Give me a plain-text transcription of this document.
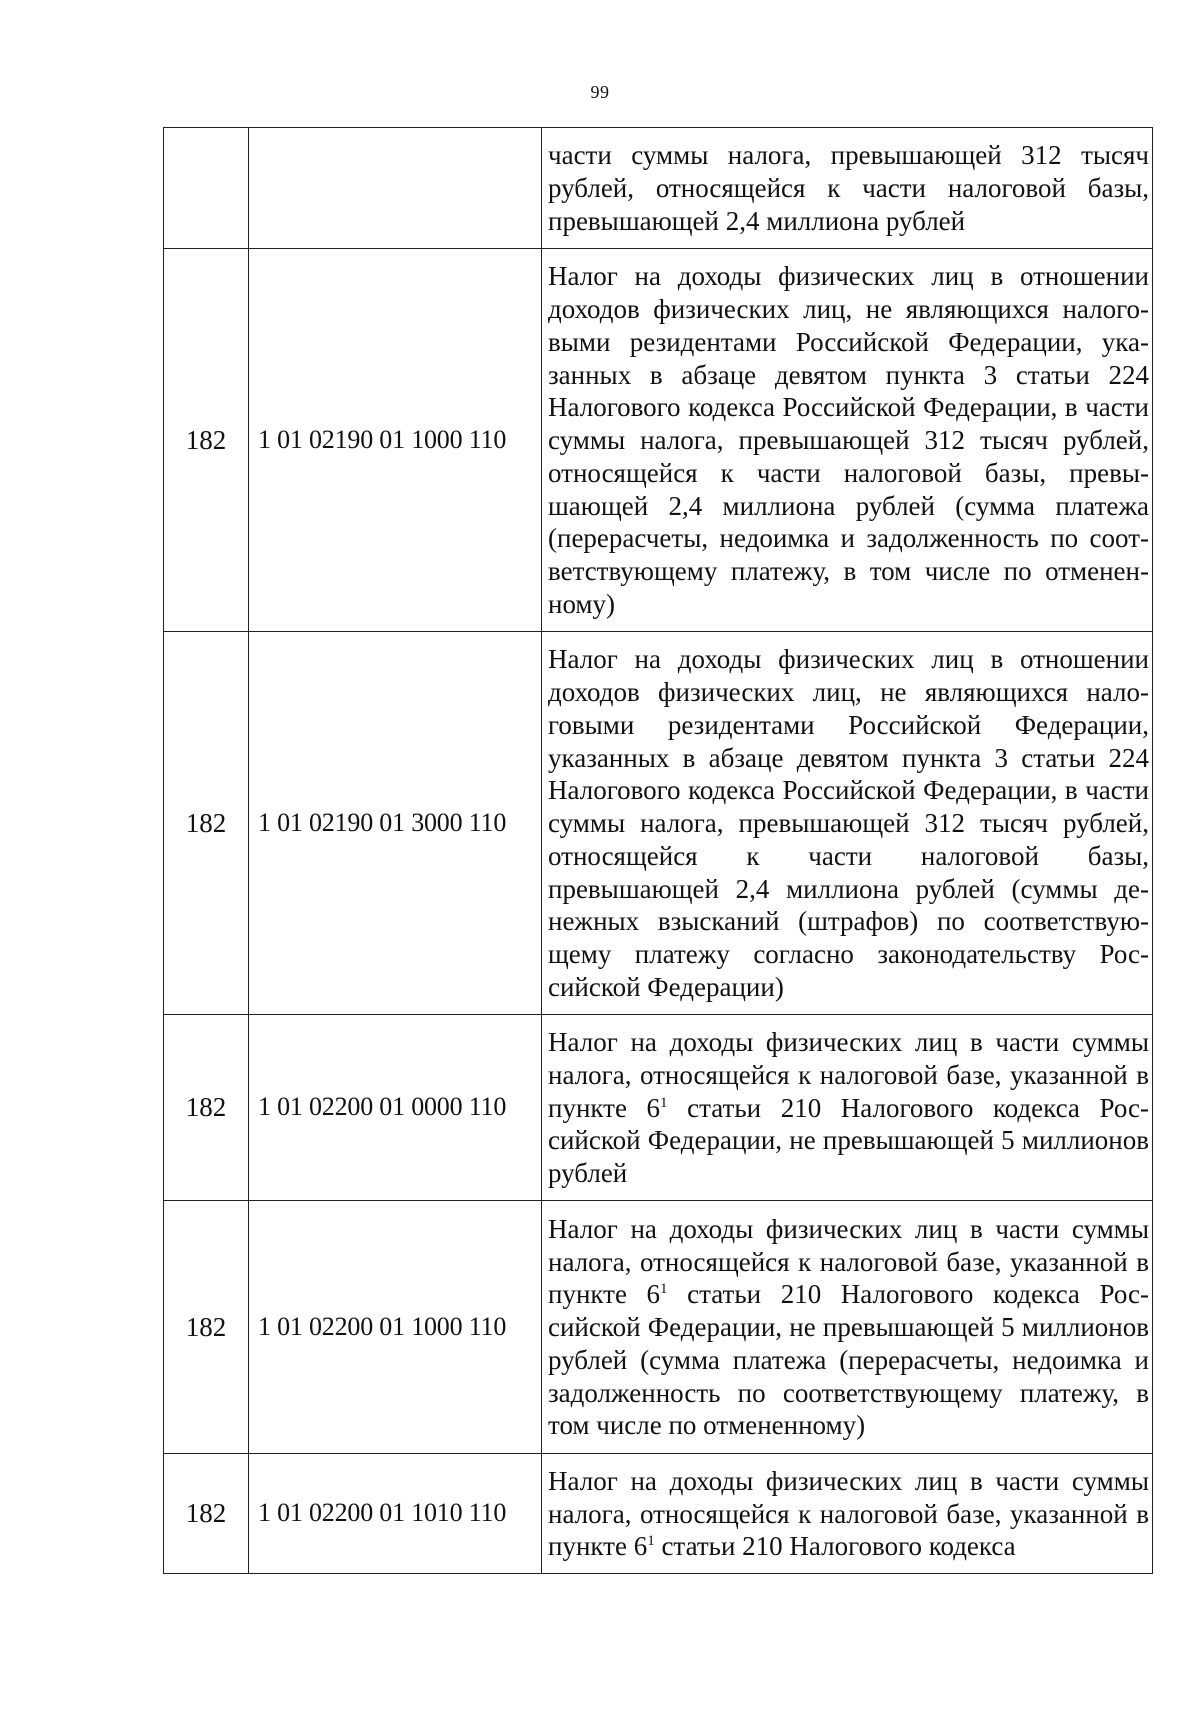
99

		части суммы налога, превышающей 312 тысяч рублей, относящейся к части налоговой базы, превышающей 2,4 миллиона рублей

182	1 01 02190 01 1000 110	Налог на доходы физических лиц в отношении доходов физических лиц, не являющихся налоговыми резидентами Российской Федерации, указанных в абзаце девятом пункта 3 статьи 224 Налогового кодекса Российской Федерации, в части суммы налога, превышающей 312 тысяч рублей, относящейся к части налоговой базы, превышающей 2,4 миллиона рублей (сумма платежа (перерасчеты, недоимка и задолженность по соответствующему платежу, в том числе по отмененному)

182	1 01 02190 01 3000 110	Налог на доходы физических лиц в отношении доходов физических лиц, не являющихся налоговыми резидентами Российской Федерации, указанных в абзаце девятом пункта 3 статьи 224 Налогового кодекса Российской Федерации, в части суммы налога, превышающей 312 тысяч рублей, относящейся к части налоговой базы, превышающей 2,4 миллиона рублей (суммы денежных взысканий (штрафов) по соответствующему платежу согласно законодательству Российской Федерации)

182	1 01 02200 01 0000 110	Налог на доходы физических лиц в части суммы налога, относящейся к налоговой базе, указанной в пункте 6$^1$ статьи 210 Налогового кодекса Российской Федерации, не превышающей 5 миллионов рублей

182	1 01 02200 01 1000 110	Налог на доходы физических лиц в части суммы налога, относящейся к налоговой базе, указанной в пункте 6$^1$ статьи 210 Налогового кодекса Российской Федерации, не превышающей 5 миллионов рублей (сумма платежа (перерасчеты, недоимка и задолженность по соответствующему платежу, в том числе по отмененному)

182	1 01 02200 01 1010 110	Налог на доходы физических лиц в части суммы налога, относящейся к налоговой базе, указанной в пункте 6$^1$ статьи 210 Налогового кодекса
